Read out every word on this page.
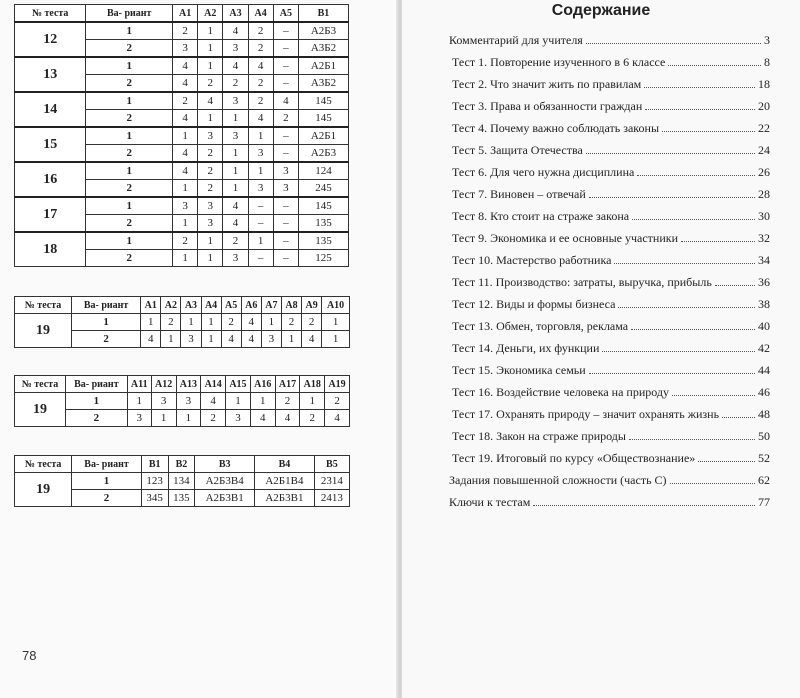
№ теста	Ва- риант	А1	А2	А3	А4	А5	В1
12	1	2	1	4	2	–	А2Б3
	2	3	1	3	2	–	А3Б2
13	1	4	1	4	4	–	А2Б1
	2	4	2	2	2	–	А3Б2
14	1	2	4	3	2	4	145
	2	4	1	1	4	2	145
15	1	1	3	3	1	–	А2Б1
	2	4	2	1	3	–	А2Б3
16	1	4	2	1	1	3	124
	2	1	2	1	3	3	245
17	1	3	3	4	–	–	145
	2	1	3	4	–	–	135
18	1	2	1	2	1	–	135
	2	1	1	3	–	–	125
№ теста	Ва- риант	А1	А2	А3	А4	А5	А6	А7	А8	А9	А10
19	1	1	2	1	1	2	4	1	2	2	1
	2	4	1	3	1	4	4	3	1	4	1
№ теста	Ва- риант	А11	А12	А13	А14	А15	А16	А17	А18	А19
19	1	1	3	3	4	1	1	2	1	2
	2	3	1	1	2	3	4	4	2	4
№ теста	Ва- риант	В1	В2	В3	В4	В5
19	1	123	134	А2Б3В4	А2Б1В4	2314
	2	345	135	А2Б3В1	А2Б3В1	2413
78
Содержание
Комментарий для учителя	3
Тест 1. Повторение изученного в 6 классе	8
Тест 2. Что значит жить по правилам	18
Тест 3. Права и обязанности граждан	20
Тест 4. Почему важно соблюдать законы	22
Тест 5. Защита Отечества	24
Тест 6. Для чего нужна дисциплина	26
Тест 7. Виновен – отвечай	28
Тест 8. Кто стоит на страже закона	30
Тест 9. Экономика и ее основные участники	32
Тест 10. Мастерство работника	34
Тест 11. Производство: затраты, выручка, прибыль	36
Тест 12. Виды и формы бизнеса	38
Тест 13. Обмен, торговля, реклама	40
Тест 14. Деньги, их функции	42
Тест 15. Экономика семьи	44
Тест 16. Воздействие человека на природу	46
Тест 17. Охранять природу – значит охранять жизнь	48
Тест 18. Закон на страже природы	50
Тест 19. Итоговый по курсу «Обществознание»	52
Задания повышенной сложности (часть С)	62
Ключи к тестам	77
